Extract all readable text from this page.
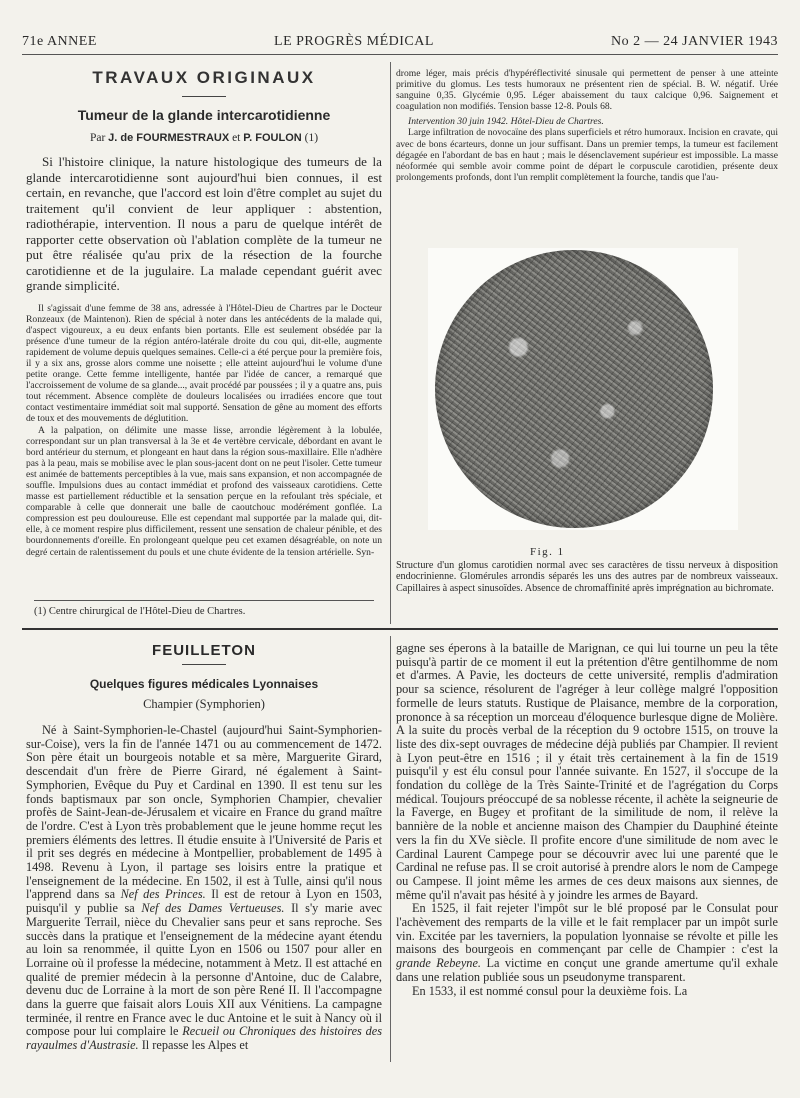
71e ANNEE	LE PROGRÈS MÉDICAL	No 2 — 24 JANVIER 1943
TRAVAUX ORIGINAUX
Tumeur de la glande intercarotidienne
Par J. de FOURMESTRAUX et P. FOULON (1)

Si l'histoire clinique, la nature histologique des tumeurs de la glande intercarotidienne sont aujourd'hui bien connues, il est certain, en revanche, que l'accord est loin d'être complet au sujet du traitement qu'il convient de leur appliquer : abstention, radiothérapie, intervention. Il nous a paru de quelque intérêt de rapporter cette observation où l'ablation complète de la tumeur ne put être réalisée qu'au prix de la résection de la fourche carotidienne et de la jugulaire. La malade cependant guérit avec grande simplicité.

Il s'agissait d'une femme de 38 ans, adressée à l'Hôtel-Dieu de Chartres par le Docteur Ronzeaux (de Maintenon). Rien de spécial à noter dans les antécédents de la malade qui, d'aspect vigoureux, a eu deux enfants bien portants. Elle est seulement obsédée par la présence d'une tumeur de la région antéro-latérale droite du cou qui, dit-elle, augmente rapidement de volume depuis quelques semaines. Celle-ci a été perçue pour la première fois, il y a six ans, grosse alors comme une noisette ; elle atteint aujourd'hui le volume d'une petite orange. Cette femme intelligente, hantée par l'idée de cancer, a remarqué que l'accroissement de volume de sa glande..., avait procédé par poussées ; il y a quatre ans, puis tout récemment. Absence complète de douleurs localisées ou irradiées encore que tout contact vestimentaire immédiat soit mal supporté. Sensation de gêne au moment des efforts de toux et des mouvements de déglutition.

A la palpation, on délimite une masse lisse, arrondie légèrement à la lobulée, correspondant sur un plan transversal à la 3e et 4e vertèbre cervicale, débordant en avant le bord antérieur du sternum, et plongeant en haut dans la région sous-maxillaire. Elle n'adhère pas à la peau, mais se mobilise avec le plan sous-jacent dont on ne peut l'isoler. Cette tumeur est animée de battements perceptibles à la vue, mais sans expansion, et non accompagnée de souffle. Impulsions dues au contact immédiat et profond des vaisseaux carotidiens. Cette masse est partiellement réductible et la sensation perçue en la refoulant très spéciale, et comparable à celle que donnerait une balle de caoutchouc modérément gonflée. La compression est peu douloureuse. Elle est cependant mal supportée par la malade qui, dit-elle, à ce moment respire plus difficilement, ressent une sensation de chaleur pénible, et des bourdonnements d'oreille. En prolongeant quelque peu cet examen désagréable, on note un degré certain de ralentissement du pouls et une chute évidente de la tension artérielle. Syn-

(1) Centre chirurgical de l'Hôtel-Dieu de Chartres.

drome léger, mais précis d'hypéréflectivité sinusale qui permettent de penser à une atteinte primitive du glomus. Les tests humoraux ne présentent rien de spécial. B. W. négatif. Urée sanguine 0,35. Glycémie 0,95. Léger abaissement du taux calcique 0,96. Saignement et coagulation non modifiés. Tension basse 12-8. Pouls 68.

Intervention 30 juin 1942. Hôtel-Dieu de Chartres.

Large infiltration de novocaïne des plans superficiels et rétro humoraux. Incision en cravate, qui avec de bons écarteurs, donne un jour suffisant. Dans un premier temps, la tumeur est facilement dégagée en l'abordant de bas en haut ; mais le désenclavement supérieur est impossible. La masse néoformée qui semble avoir comme point de départ le corpuscule carotidien, présente deux prolongements profonds, dont l'un remplit complètement la fourche, tandis que l'au-

Fig. 1
Structure d'un glomus carotidien normal avec ses caractères de tissu nerveux à disposition endocrinienne. Glomérules arrondis séparés les uns des autres par de nombreux vaisseaux. Capillaires à aspect sinusoïdes. Absence de chromaffinité après imprégnation au bichromate.
FEUILLETON
Quelques figures médicales Lyonnaises
Champier (Symphorien)

Né à Saint-Symphorien-le-Chastel (aujourd'hui Saint-Symphorien-sur-Coise), vers la fin de l'année 1471 ou au commencement de 1472. Son père était un bourgeois notable et sa mère, Marguerite Girard, descendait d'un frère de Pierre Girard, né également à Saint-Symphorien, Evêque du Puy et Cardinal en 1390. Il est tenu sur les fonds baptismaux par son oncle, Symphorien Champier, chevalier profès de Saint-Jean-de-Jérusalem et vicaire en France du grand maître de l'ordre. C'est à Lyon très probablement que le jeune homme reçut les premiers éléments des lettres. Il étudie ensuite à l'Université de Paris et il prit ses degrés en médecine à Montpellier, probablement de 1495 à 1498. Revenu à Lyon, il partage ses loisirs entre la pratique et l'enseignement de la médecine. En 1502, il est à Tulle, ainsi qu'il nous l'apprend dans sa Nef des Princes. Il est de retour à Lyon en 1503, puisqu'il y publie sa Nef des Dames Vertueuses. Il s'y marie avec Marguerite Terrail, nièce du Chevalier sans peur et sans reproche. Ses succès dans la pratique et l'enseignement de la médecine ayant étendu au loin sa renommée, il quitte Lyon en 1506 ou 1507 pour aller en Lorraine où il professe la médecine, notamment à Metz. Il est attaché en qualité de premier médecin à la personne d'Antoine, duc de Calabre, devenu duc de Lorraine à la mort de son père René II. Il l'accompagne dans la guerre que faisait alors Louis XII aux Vénitiens. La campagne terminée, il rentre en France avec le duc Antoine et le suit à Nancy où il compose pour lui complaire le Recueil ou Chroniques des histoires des rayaulmes d'Austrasie. Il repasse les Alpes et

gagne ses éperons à la bataille de Marignan, ce qui lui tourne un peu la tête puisqu'à partir de ce moment il eut la prétention d'être gentilhomme de nom et d'armes. A Pavie, les docteurs de cette université, remplis d'admiration pour sa science, résolurent de l'agréger à leur collège malgré l'opposition formelle de leurs statuts. Rustique de Plaisance, membre de la corporation, prononce à sa réception un morceau d'éloquence burlesque digne de Molière. A la suite du procès verbal de la réception du 9 octobre 1515, on trouve la liste des dix-sept ouvrages de médecine déjà publiés par Champier. Il revient à Lyon peut-être en 1516 ; il y était très certainement à la fin de 1519 puisqu'il y est élu consul pour l'année suivante. En 1527, il s'occupe de la fondation du collège de la Très Sainte-Trinité et de l'agrégation du Corps médical. Toujours préoccupé de sa noblesse récente, il achète la seigneurie de la Faverge, en Bugey et profitant de la similitude de nom, il relève la bannière de la noble et ancienne maison des Champier du Dauphiné éteinte vers la fin du XVe siècle. Il profite encore d'une similitude de nom avec le Cardinal Laurent Campege pour se découvrir avec lui une parenté que le Cardinal ne refuse pas. Il se croit autorisé à prendre alors le nom de Campege ou Campese. Il joint même les armes de ces deux maisons aux siennes, de même qu'il n'avait pas hésité à y joindre les armes de Bayard.

En 1525, il fait rejeter l'impôt sur le blé proposé par le Consulat pour l'achèvement des remparts de la ville et le fait remplacer par un impôt surle vin. Excitée par les taverniers, la population lyonnaise se révolte et pille les maisons des bourgeois en commençant par celle de Champier : c'est la grande Rebeyne. La victime en conçut une grande amertume qu'il exhale dans une relation publiée sous un pseudonyme transparent.

En 1533, il est nommé consul pour la deuxième fois. La
